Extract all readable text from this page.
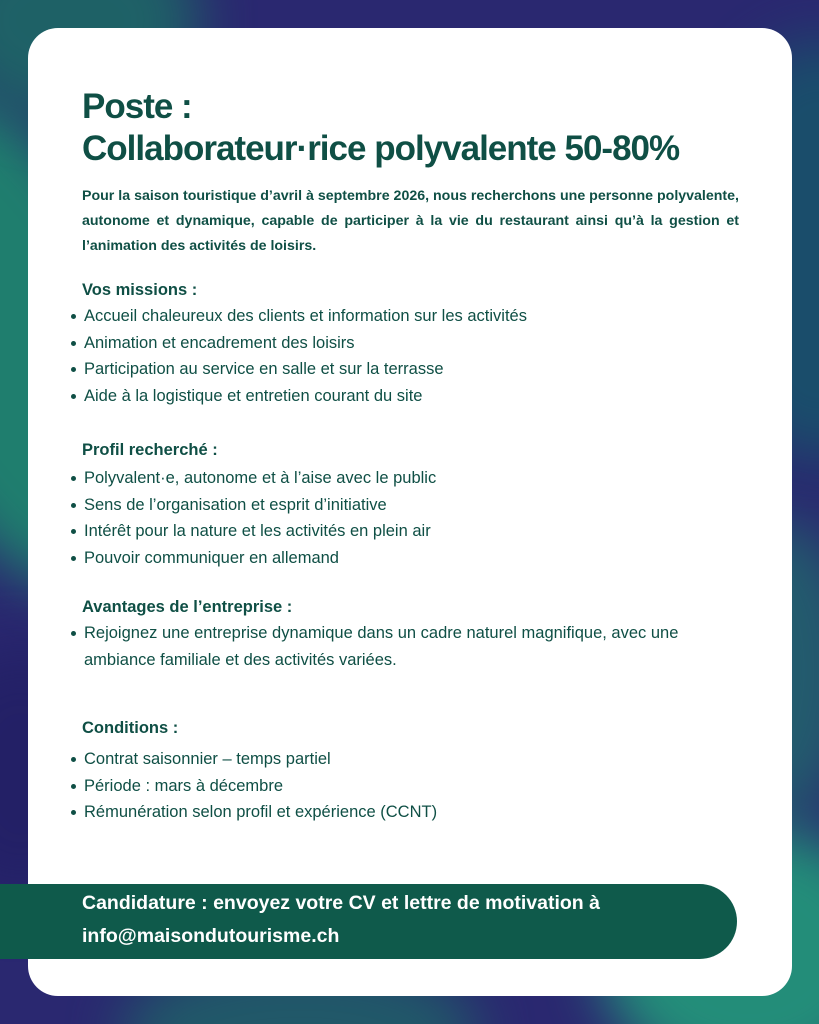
Poste :
Collaborateur·rice polyvalente 50-80%

Pour la saison touristique d’avril à septembre 2026, nous recherchons une personne polyvalente, autonome et dynamique, capable de participer à la vie du restaurant ainsi qu’à la gestion et l’animation des activités de loisirs.

Vos missions :
Accueil chaleureux des clients et information sur les activités
Animation et encadrement des loisirs
Participation au service en salle et sur la terrasse
Aide à la logistique et entretien courant du site
Profil recherché :
Polyvalent·e, autonome et à l’aise avec le public
Sens de l’organisation et esprit d’initiative
Intérêt pour la nature et les activités en plein air
Pouvoir communiquer en allemand
Avantages de l’entreprise :
Rejoignez une entreprise dynamique dans un cadre naturel magnifique, avec une ambiance familiale et des activités variées.
Conditions :
Contrat saisonnier – temps partiel
Période : mars à décembre
Rémunération selon profil et expérience (CCNT)

Candidature : envoyez votre CV et lettre de motivation à

info@maisondutourisme.ch
